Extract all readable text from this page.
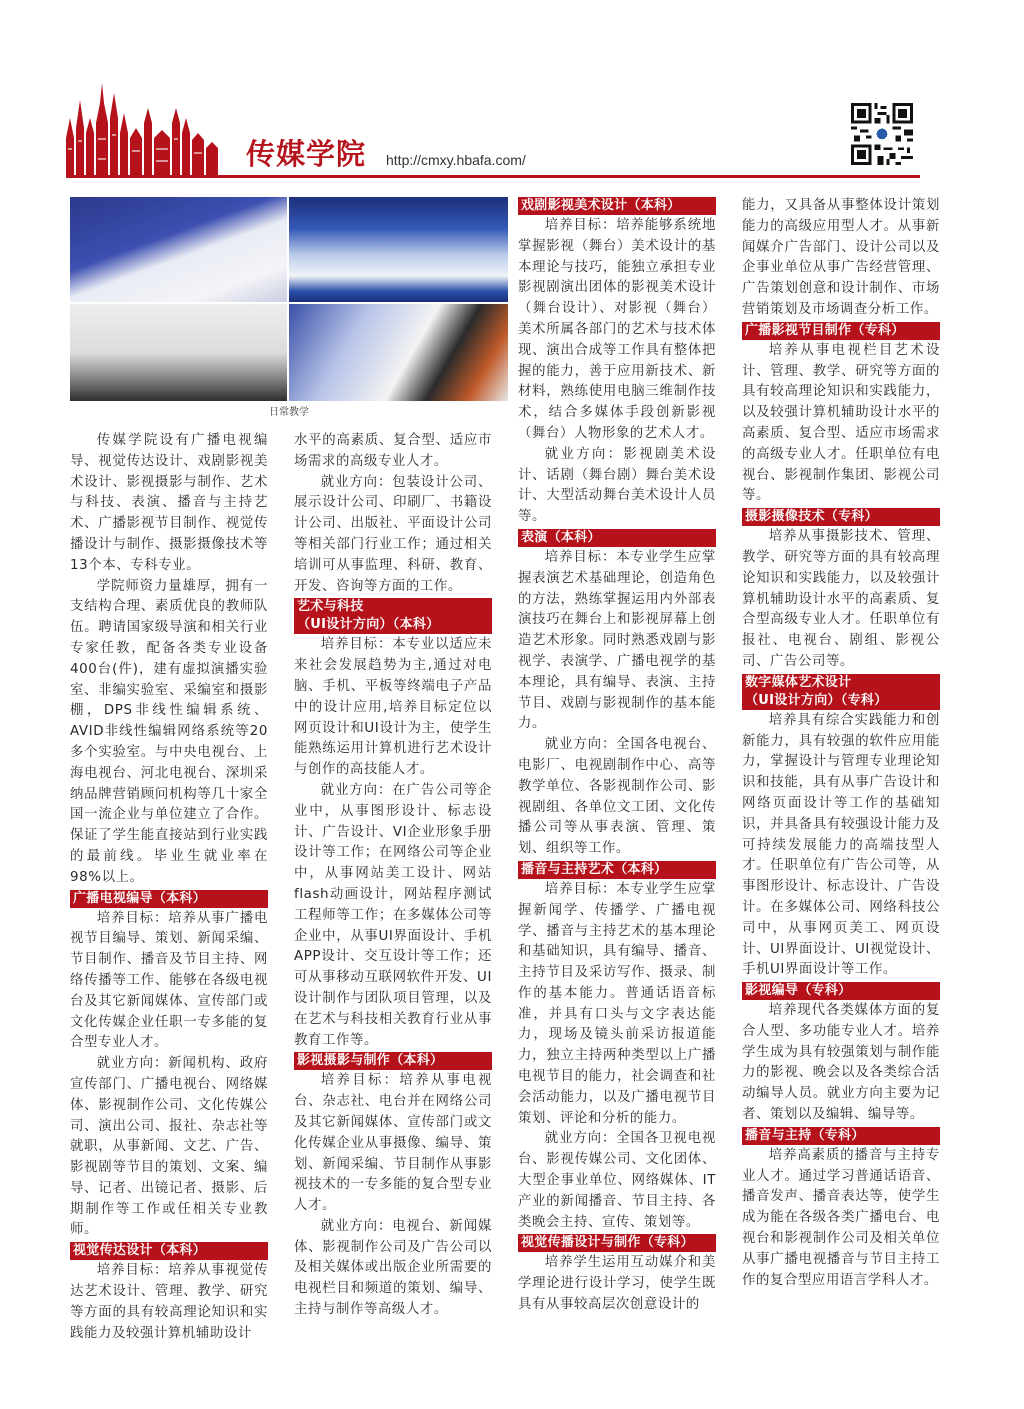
传媒学院 http://cmxy.hbafa.com/
日常教学

传媒学院设有广播电视编导、视觉传达设计、戏剧影视美术设计、影视摄影与制作、艺术与科技、表演、播音与主持艺术、广播影视节目制作、视觉传播设计与制作、摄影摄像技术等13个本、专科专业。

学院师资力量雄厚，拥有一支结构合理、素质优良的教师队伍。聘请国家级导演和相关行业专家任教，配备各类专业设备400台(件)，建有虚拟演播实验室、非编实验室、采编室和摄影棚，DPS非线性编辑系统、AVID非线性编辑网络系统等20多个实验室。与中央电视台、上海电视台、河北电视台、深圳采纳品牌营销顾问机构等几十家全国一流企业与单位建立了合作。保证了学生能直接站到行业实践的最前线。毕业生就业率在98%以上。

广播电视编导（本科）

培养目标：培养从事广播电视节目编导、策划、新闻采编、节目制作、播音及节目主持、网络传播等工作、能够在各级电视台及其它新闻媒体、宣传部门或文化传媒企业任职一专多能的复合型专业人才。

就业方向：新闻机构、政府宣传部门、广播电视台、网络媒体、影视制作公司、文化传媒公司、演出公司、报社、杂志社等就职，从事新闻、文艺、广告、影视剧等节目的策划、文案、编导、记者、出镜记者、摄影、后期制作等工作或任相关专业教师。

视觉传达设计（本科）

培养目标：培养从事视觉传达艺术设计、管理、教学、研究等方面的具有较高理论知识和实践能力及较强计算机辅助设计

水平的高素质、复合型、适应市场需求的高级专业人才。

就业方向：包装设计公司、展示设计公司、印刷厂、书籍设计公司、出版社、平面设计公司等相关部门行业工作；通过相关培训可从事监理、科研、教育、开发、咨询等方面的工作。

艺术与科技
（UI设计方向）（本科）

培养目标：本专业以适应未来社会发展趋势为主,通过对电脑、手机、平板等终端电子产品中的设计应用,培养目标定位以网页设计和UI设计为主，使学生能熟练运用计算机进行艺术设计与创作的高技能人才。

就业方向：在广告公司等企业中，从事图形设计、标志设计、广告设计、VI企业形象手册设计等工作；在网络公司等企业中，从事网站美工设计、网站flash动画设计，网站程序测试工程师等工作；在多媒体公司等企业中，从事UI界面设计、手机APP设计、交互设计等工作；还可从事移动互联网软件开发、UI设计制作与团队项目管理，以及在艺术与科技相关教育行业从事教育工作等。

影视摄影与制作（本科）

培养目标：培养从事电视台、杂志社、电台并在网络公司及其它新闻媒体、宣传部门或文化传媒企业从事摄像、编导、策划、新闻采编、节目制作从事影视技术的一专多能的复合型专业人才。

就业方向：电视台、新闻媒体、影视制作公司及广告公司以及相关媒体或出版企业所需要的电视栏目和频道的策划、编导、主持与制作等高级人才。

戏剧影视美术设计（本科）

培养目标：培养能够系统地掌握影视（舞台）美术设计的基本理论与技巧，能独立承担专业影视剧演出团体的影视美术设计（舞台设计）、对影视（舞台）美术所属各部门的艺术与技术体现、演出合成等工作具有整体把握的能力，善于应用新技术、新材料，熟练使用电脑三维制作技术，结合多媒体手段创新影视（舞台）人物形象的艺术人才。

就业方向：影视剧美术设计、话剧（舞台剧）舞台美术设计、大型活动舞台美术设计人员等。

表演（本科）

培养目标：本专业学生应掌握表演艺术基础理论，创造角色的方法，熟练掌握运用内外部表演技巧在舞台上和影视屏幕上创造艺术形象。同时熟悉戏剧与影视学、表演学、广播电视学的基本理论，具有编导、表演、主持节目、戏剧与影视制作的基本能力。

就业方向：全国各电视台、电影厂、电视剧制作中心、高等教学单位、各影视制作公司、影视剧组、各单位文工团、文化传播公司等从事表演、管理、策划、组织等工作。

播音与主持艺术（本科）

培养目标：本专业学生应掌握新闻学、传播学、广播电视学、播音与主持艺术的基本理论和基础知识，具有编导、播音、主持节目及采访写作、摄录、制作的基本能力。普通话语音标准，并具有口头与文字表达能力，现场及镜头前采访报道能力，独立主持两种类型以上广播电视节目的能力，社会调查和社会活动能力，以及广播电视节目策划、评论和分析的能力。

就业方向：全国各卫视电视台、影视传媒公司、文化团体、大型企事业单位、网络媒体、IT产业的新闻播音、节目主持、各类晚会主持、宣传、策划等。

视觉传播设计与制作（专科）

培养学生运用互动媒介和美学理论进行设计学习，使学生既具有从事较高层次创意设计的

能力，又具备从事整体设计策划能力的高级应用型人才。从事新闻媒介广告部门、设计公司以及企事业单位从事广告经营管理、广告策划创意和设计制作、市场营销策划及市场调查分析工作。

广播影视节目制作（专科）

培养从事电视栏目艺术设计、管理、教学、研究等方面的具有较高理论知识和实践能力，以及较强计算机辅助设计水平的高素质、复合型、适应市场需求的高级专业人才。任职单位有电视台、影视制作集团、影视公司等。

摄影摄像技术（专科）

培养从事摄影技术、管理、教学、研究等方面的具有较高理论知识和实践能力，以及较强计算机辅助设计水平的高素质、复合型高级专业人才。任职单位有报社、电视台、剧组、影视公司、广告公司等。

数字媒体艺术设计
（UI设计方向）（专科）

培养具有综合实践能力和创新能力，具有较强的软件应用能力，掌握设计与管理专业理论知识和技能，具有从事广告设计和网络页面设计等工作的基础知识，并具备具有较强设计能力及可持续发展能力的高端技型人才。任职单位有广告公司等，从事图形设计、标志设计、广告设计。在多媒体公司、网络科技公司中，从事网页美工、网页设计、UI界面设计、UI视觉设计、手机UI界面设计等工作。

影视编导（专科）

培养现代各类媒体方面的复合人型、多功能专业人才。培养学生成为具有较强策划与制作能力的影视、晚会以及各类综合活动编导人员。就业方向主要为记者、策划以及编辑、编导等。

播音与主持（专科）

培养高素质的播音与主持专业人才。通过学习普通话语音、播音发声、播音表达等，使学生成为能在各级各类广播电台、电视台和影视制作公司及相关单位从事广播电视播音与节目主持工作的复合型应用语言学科人才。
